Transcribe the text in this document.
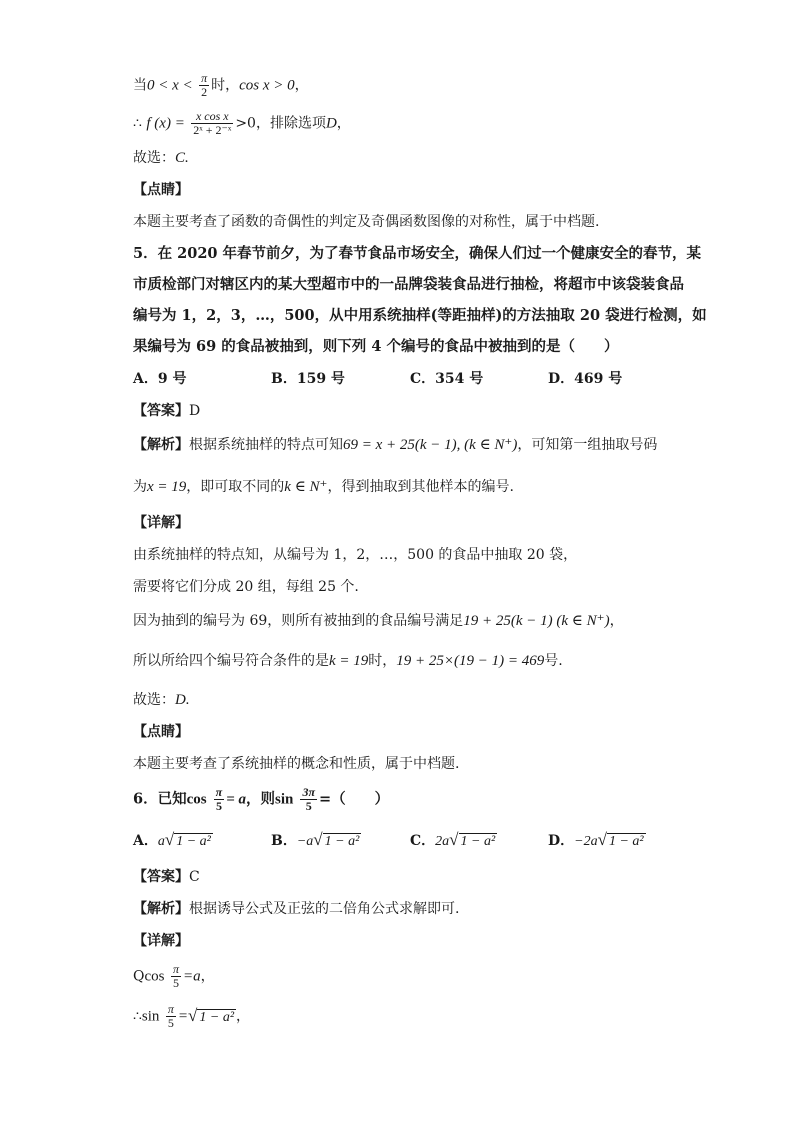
当$0 < x < \frac{\pi}{2}$ 时，cos x > 0，
∴ f $(x) = \frac{\text{x cos x}}{\text{2ˣ + 2⁻ˣ}} >0$，排除选项D，
故选：C.
【点睛】
本题主要考查了函数的奇偶性的判定及奇偶函数图像的对称性，属于中档题.
5．在 2020 年春节前夕，为了春节食品市场安全，确保人们过一个健康安全的春节，某
市质检部门对辖区内的某大型超市中的一品牌袋装食品进行抽检，将超市中该袋装食品
编号为 1，2，3，…，500，从中用系统抽样(等距抽样)的方法抽取 20 袋进行检测，如
果编号为 69 的食品被抽到，则下列 4 个编号的食品中被抽到的是（　　）
A．9 号	B．159 号	C．354 号	D．469 号
【答案】D
【解析】根据系统抽样的特点可知69 = x + 25(k − 1), (k ∈ N⁺)，可知第一组抽取号码
为x = 19，即可取不同的k ∈ N⁺，得到抽取到其他样本的编号.
【详解】
由系统抽样的特点知，从编号为 1，2，…，500 的食品中抽取 20 袋，
需要将它们分成 20 组，每组 25 个.
因为抽到的编号为 69，则所有被抽到的食品编号满足19 + 25(k − 1) (k ∈ N⁺)，
所以所给四个编号符合条件的是k = 19时，19 + 25×(19 − 1) = 469号.
故选：D.
【点睛】
本题主要考查了系统抽样的概念和性质，属于中档题.
6．已知$\cos \frac{\pi}{5} = a$，则$\sin \frac{3\pi}{5}$ =（　　）
A．a√ 1 − a²	B．−a√ 1 − a²	C．2a√ 1 − a²	D．−2a√ 1 − a²
【答案】C
【解析】根据诱导公式及正弦的二倍角公式求解即可.
【详解】
Qcos $\frac{\pi}{5} =a$，
∴sin $\frac{\pi}{5}$ =√ 1 − a² ，
